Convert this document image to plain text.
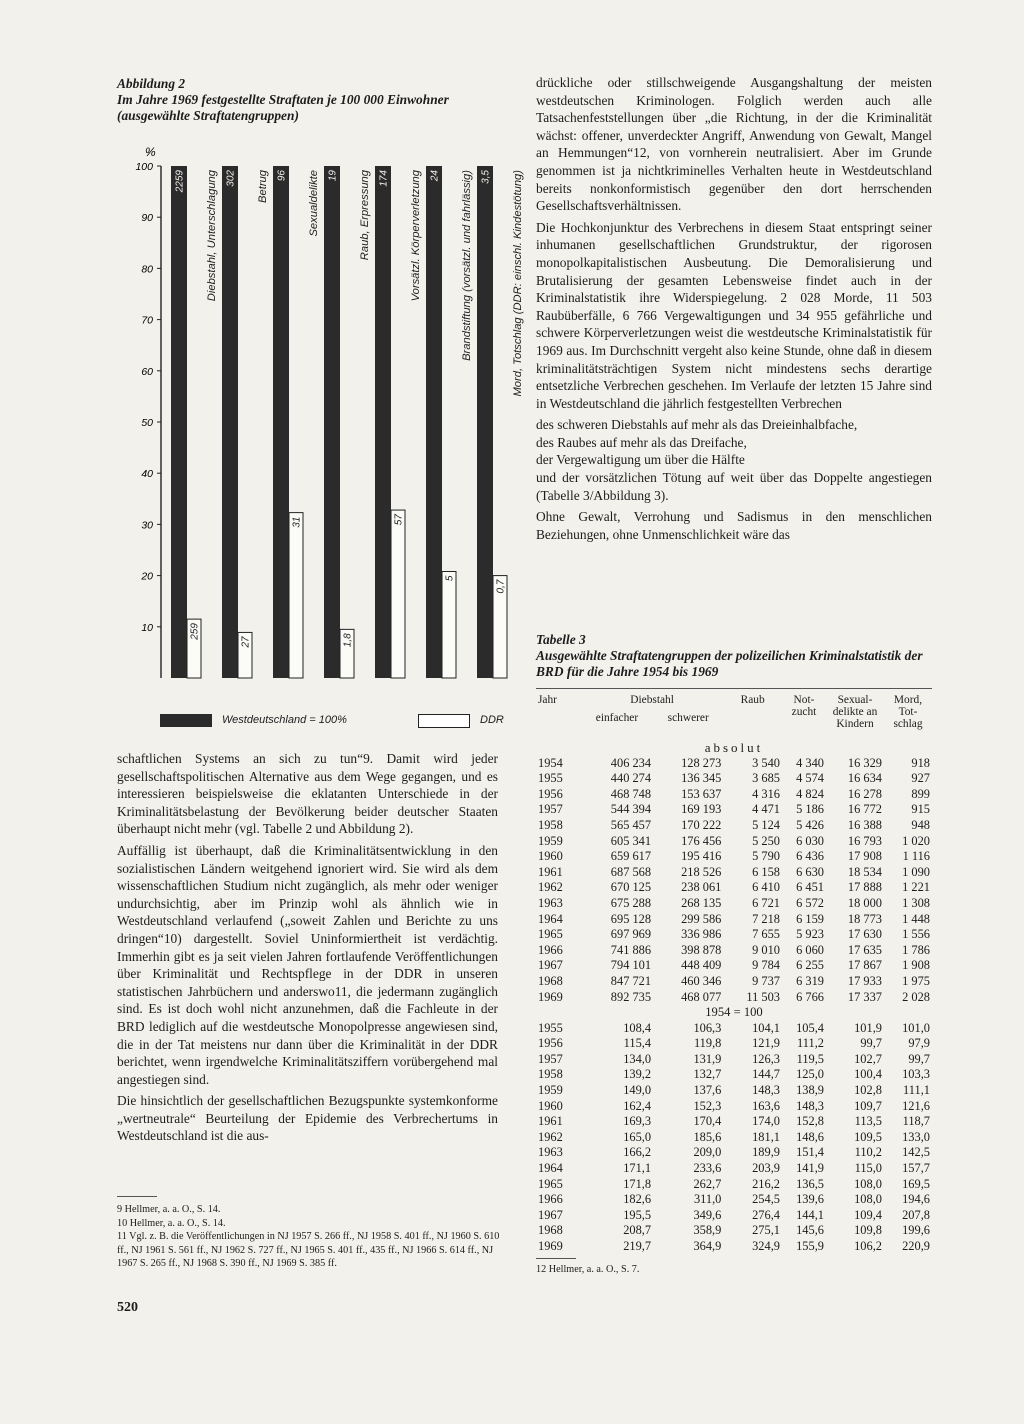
Abbildung 2
Im Jahre 1969 festgestellte Straftaten je 100 000 Einwohner (ausgewählte Straftatengruppen)
%
100
90
80
70
60
50
40
30
20
10
2259
259
Diebstahl, Unterschlagung 302
27
Betrug 96
31
Sexualdelikte 19
1,8
Raub, Erpressung 174
57
Vorsätzl. Körperverletzung 24
5
Brandstiftung (vorsätzl. und fahrlässig) 3,5
0,7
Mord, Totschlag (DDR: einschl. Kindestötung)
Westdeutschland = 100%	DDR

schaftlichen Systems an sich zu tun“9. Damit wird jeder gesellschaftspolitischen Alternative aus dem Wege gegangen, und es interessieren beispielsweise die eklatanten Unterschiede in der Kriminalitätsbelastung der Bevölkerung beider deutscher Staaten überhaupt nicht mehr (vgl. Tabelle 2 und Abbildung 2).

Auffällig ist überhaupt, daß die Kriminalitätsentwicklung in den sozialistischen Ländern weitgehend ignoriert wird. Sie wird als dem wissenschaftlichen Studium nicht zugänglich, als mehr oder weniger undurchsichtig, aber im Prinzip wohl als ähnlich wie in Westdeutschland verlaufend („soweit Zahlen und Berichte zu uns dringen“10) dargestellt. Soviel Uninformiertheit ist verdächtig. Immerhin gibt es ja seit vielen Jahren fortlaufende Veröffentlichungen über Kriminalität und Rechtspflege in der DDR in unseren statistischen Jahrbüchern und anderswo11, die jedermann zugänglich sind. Es ist doch wohl nicht anzunehmen, daß die Fachleute in der BRD lediglich auf die westdeutsche Monopolpresse angewiesen sind, die in der Tat meistens nur dann über die Kriminalität in der DDR berichtet, wenn irgendwelche Kriminalitätsziffern vorübergehend mal angestiegen sind.

Die hinsichtlich der gesellschaftlichen Bezugspunkte systemkonforme „wertneutrale“ Beurteilung der Epidemie des Verbrechertums in Westdeutschland ist die aus-

9 Hellmer, a. a. O., S. 14.
10 Hellmer, a. a. O., S. 14.
11 Vgl. z. B. die Veröffentlichungen in NJ 1957 S. 266 ff., NJ 1958 S. 401 ff., NJ 1960 S. 610 ff., NJ 1961 S. 561 ff., NJ 1962 S. 727 ff., NJ 1965 S. 401 ff., 435 ff., NJ 1966 S. 614 ff., NJ 1967 S. 265 ff., NJ 1968 S. 390 ff., NJ 1969 S. 385 ff.
520

drückliche oder stillschweigende Ausgangshaltung der meisten westdeutschen Kriminologen. Folglich werden auch alle Tatsachenfeststellungen über „die Richtung, in der die Kriminalität wächst: offener, unverdeckter Angriff, Anwendung von Gewalt, Mangel an Hemmungen“12, von vornherein neutralisiert. Aber im Grunde genommen ist ja nichtkriminelles Verhalten heute in Westdeutschland bereits nonkonformistisch gegenüber den dort herrschenden Gesellschaftsverhältnissen.

Die Hochkonjunktur des Verbrechens in diesem Staat entspringt seiner inhumanen gesellschaftlichen Grundstruktur, der rigorosen monopolkapitalistischen Ausbeutung. Die Demoralisierung und Brutalisierung der gesamten Lebensweise findet auch in der Kriminalstatistik ihre Widerspiegelung. 2 028 Morde, 11 503 Raubüberfälle, 6 766 Vergewaltigungen und 34 955 gefährliche und schwere Körperverletzungen weist die westdeutsche Kriminalstatistik für 1969 aus. Im Durchschnitt vergeht also keine Stunde, ohne daß in diesem kriminalitätsträchtigen System nicht mindestens sechs derartige entsetzliche Verbrechen geschehen. Im Verlaufe der letzten 15 Jahre sind in Westdeutschland die jährlich festgestellten Verbrechen

des schweren Diebstahls auf mehr als das Dreieinhalbfache,

des Raubes auf mehr als das Dreifache,

der Vergewaltigung um über die Hälfte

und der vorsätzlichen Tötung auf weit über das Doppelte angestiegen (Tabelle 3/Abbildung 3).

Ohne Gewalt, Verrohung und Sadismus in den menschlichen Beziehungen, ohne Unmenschlichkeit wäre das

Tabelle 3
Ausgewählte Straftatengruppen der polizeilichen Kriminalstatistik der BRD für die Jahre 1954 bis 1969
Jahr	Diebstahl		Raub	Not-zucht	Sexual-delikte an Kindern	Mord, Tot-schlag
	einfacher	schwerer				
absolut						
1954	406 234	128 273	3 540	4 340	16 329	918
1955	440 274	136 345	3 685	4 574	16 634	927
1956	468 748	153 637	4 316	4 824	16 278	899
1957	544 394	169 193	4 471	5 186	16 772	915
1958	565 457	170 222	5 124	5 426	16 388	948
1959	605 341	176 456	5 250	6 030	16 793	1 020
1960	659 617	195 416	5 790	6 436	17 908	1 116
1961	687 568	218 526	6 158	6 630	18 534	1 090
1962	670 125	238 061	6 410	6 451	17 888	1 221
1963	675 288	268 135	6 721	6 572	18 000	1 308
1964	695 128	299 586	7 218	6 159	18 773	1 448
1965	697 969	336 986	7 655	5 923	17 630	1 556
1966	741 886	398 878	9 010	6 060	17 635	1 786
1967	794 101	448 409	9 784	6 255	17 867	1 908
1968	847 721	460 346	9 737	6 319	17 933	1 975
1969	892 735	468 077	11 503	6 766	17 337	2 028
1954 = 100						
1955	108,4	106,3	104,1	105,4	101,9	101,0
1956	115,4	119,8	121,9	111,2	99,7	97,9
1957	134,0	131,9	126,3	119,5	102,7	99,7
1958	139,2	132,7	144,7	125,0	100,4	103,3
1959	149,0	137,6	148,3	138,9	102,8	111,1
1960	162,4	152,3	163,6	148,3	109,7	121,6
1961	169,3	170,4	174,0	152,8	113,5	118,7
1962	165,0	185,6	181,1	148,6	109,5	133,0
1963	166,2	209,0	189,9	151,4	110,2	142,5
1964	171,1	233,6	203,9	141,9	115,0	157,7
1965	171,8	262,7	216,2	136,5	108,0	169,5
1966	182,6	311,0	254,5	139,6	108,0	194,6
1967	195,5	349,6	276,4	144,1	109,4	207,8
1968	208,7	358,9	275,1	145,6	109,8	199,6
1969	219,7	364,9	324,9	155,9	106,2	220,9
12 Hellmer, a. a. O., S. 7.
